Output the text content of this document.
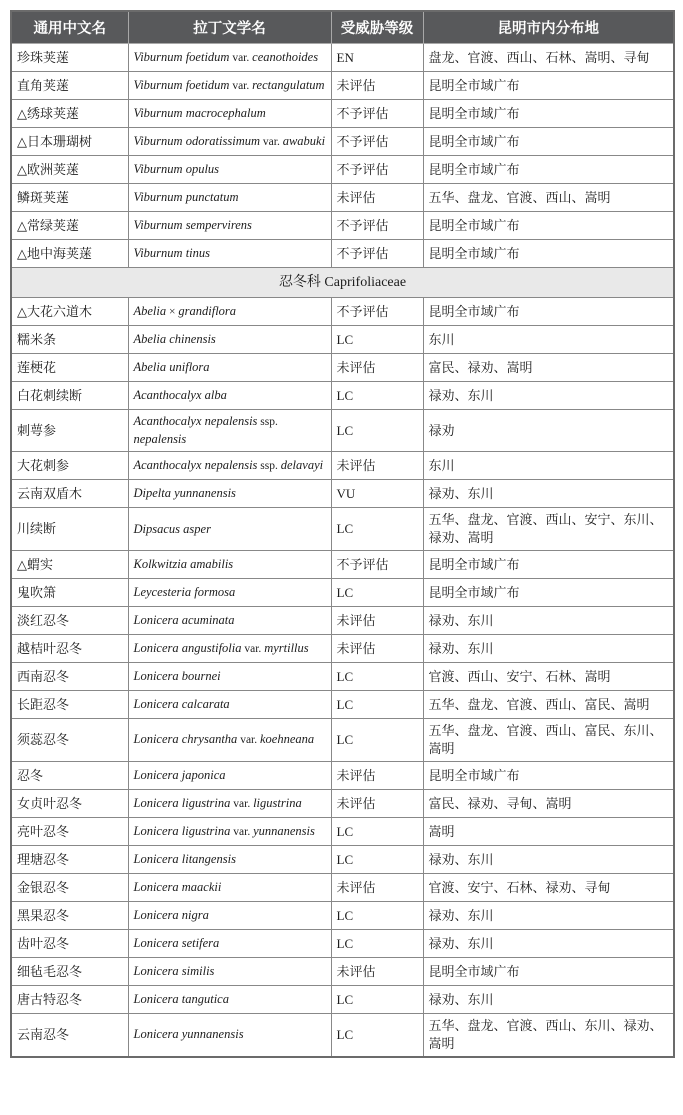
通用中文名	拉丁文学名	受威胁等级	昆明市内分布地
珍珠荚蒾	Viburnum foetidum var. ceanothoides	EN	盘龙、官渡、西山、石林、嵩明、寻甸
直角荚蒾	Viburnum foetidum var. rectangulatum	未评估	昆明全市域广布
△绣球荚蒾	Viburnum macrocephalum	不予评估	昆明全市域广布
△日本珊瑚树	Viburnum odoratissimum var. awabuki	不予评估	昆明全市域广布
△欧洲荚蒾	Viburnum opulus	不予评估	昆明全市域广布
鳞斑荚蒾	Viburnum punctatum	未评估	五华、盘龙、官渡、西山、嵩明
△常绿荚蒾	Viburnum sempervirens	不予评估	昆明全市域广布
△地中海荚蒾	Viburnum tinus	不予评估	昆明全市域广布
忍冬科 Caprifoliaceae			
△大花六道木	Abelia × grandiflora	不予评估	昆明全市域广布
糯米条	Abelia chinensis	LC	东川
莲梗花	Abelia uniflora	未评估	富民、禄劝、嵩明
白花刺续断	Acanthocalyx alba	LC	禄劝、东川
刺萼参	Acanthocalyx nepalensis ssp. nepalensis	LC	禄劝
大花刺参	Acanthocalyx nepalensis ssp. delavayi	未评估	东川
云南双盾木	Dipelta yunnanensis	VU	禄劝、东川
川续断	Dipsacus asper	LC	五华、盘龙、官渡、西山、安宁、东川、禄劝、嵩明
△蝟实	Kolkwitzia amabilis	不予评估	昆明全市域广布
鬼吹箫	Leycesteria formosa	LC	昆明全市域广布
淡红忍冬	Lonicera acuminata	未评估	禄劝、东川
越桔叶忍冬	Lonicera angustifolia var. myrtillus	未评估	禄劝、东川
西南忍冬	Lonicera bournei	LC	官渡、西山、安宁、石林、嵩明
长距忍冬	Lonicera calcarata	LC	五华、盘龙、官渡、西山、富民、嵩明
须蕊忍冬	Lonicera chrysantha var. koehneana	LC	五华、盘龙、官渡、西山、富民、东川、嵩明
忍冬	Lonicera japonica	未评估	昆明全市域广布
女贞叶忍冬	Lonicera ligustrina var. ligustrina	未评估	富民、禄劝、寻甸、嵩明
亮叶忍冬	Lonicera ligustrina var. yunnanensis	LC	嵩明
理塘忍冬	Lonicera litangensis	LC	禄劝、东川
金银忍冬	Lonicera maackii	未评估	官渡、安宁、石林、禄劝、寻甸
黑果忍冬	Lonicera nigra	LC	禄劝、东川
齿叶忍冬	Lonicera setifera	LC	禄劝、东川
细毡毛忍冬	Lonicera similis	未评估	昆明全市域广布
唐古特忍冬	Lonicera tangutica	LC	禄劝、东川
云南忍冬	Lonicera yunnanensis	LC	五华、盘龙、官渡、西山、东川、禄劝、嵩明
